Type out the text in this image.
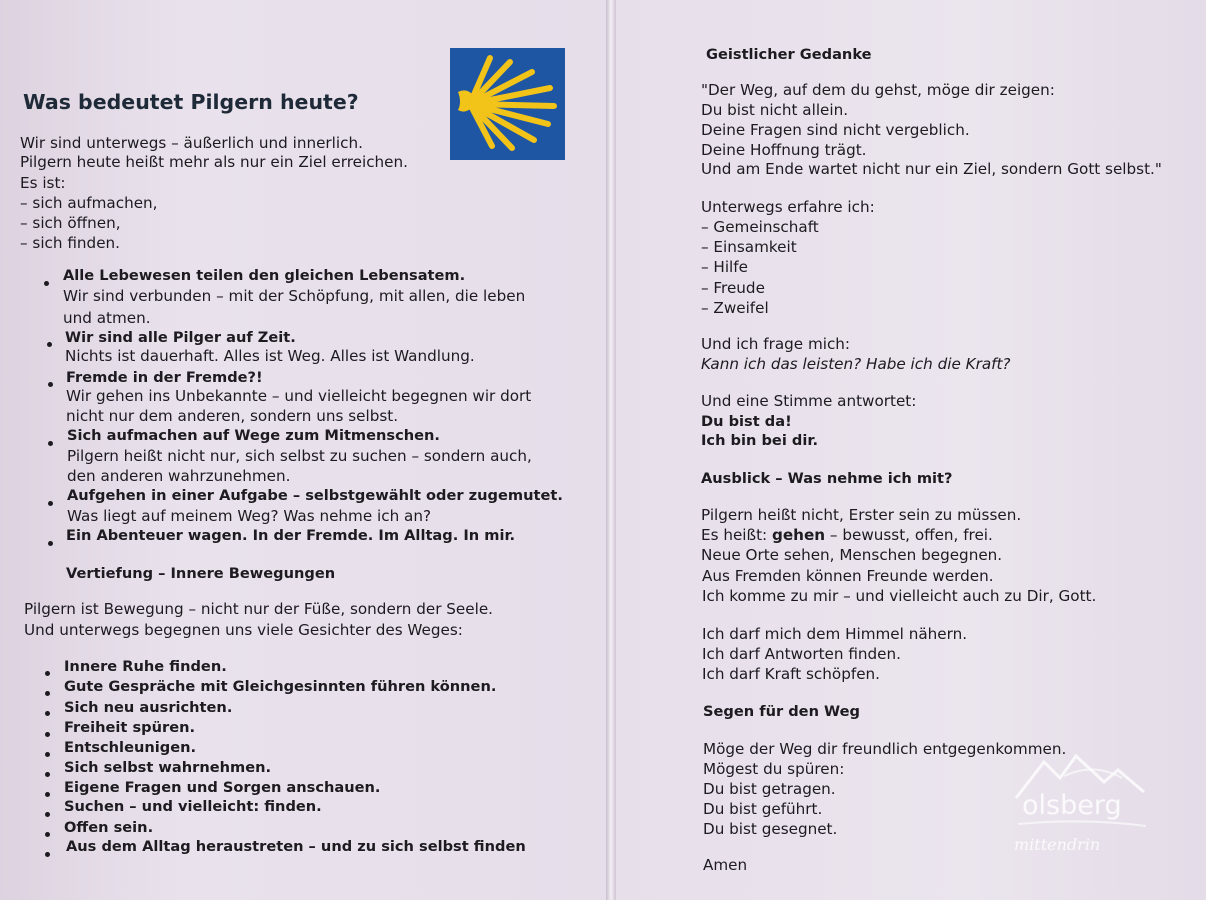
Was bedeutet Pilgern heute?
Wir sind unterwegs – äußerlich und innerlich.
Pilgern heute heißt mehr als nur ein Ziel erreichen.
Es ist:
– sich aufmachen,
– sich öffnen,
– sich finden.
Alle Lebewesen teilen den gleichen Lebensatem.
Wir sind verbunden – mit der Schöpfung, mit allen, die leben
und atmen.
Wir sind alle Pilger auf Zeit.
Nichts ist dauerhaft. Alles ist Weg. Alles ist Wandlung.
Fremde in der Fremde?!
Wir gehen ins Unbekannte – und vielleicht begegnen wir dort
nicht nur dem anderen, sondern uns selbst.
Sich aufmachen auf Wege zum Mitmenschen.
Pilgern heißt nicht nur, sich selbst zu suchen – sondern auch,
den anderen wahrzunehmen.
Aufgehen in einer Aufgabe – selbstgewählt oder zugemutet.
Was liegt auf meinem Weg? Was nehme ich an?
Ein Abenteuer wagen. In der Fremde. Im Alltag. In mir.
Vertiefung – Innere Bewegungen
Pilgern ist Bewegung – nicht nur der Füße, sondern der Seele.
Und unterwegs begegnen uns viele Gesichter des Weges:
Innere Ruhe finden.
Gute Gespräche mit Gleichgesinnten führen können.
Sich neu ausrichten.
Freiheit spüren.
Entschleunigen.
Sich selbst wahrnehmen.
Eigene Fragen und Sorgen anschauen.
Suchen – und vielleicht: finden.
Offen sein.
Aus dem Alltag heraustreten – und zu sich selbst finden
Geistlicher Gedanke
"Der Weg, auf dem du gehst, möge dir zeigen:
Du bist nicht allein.
Deine Fragen sind nicht vergeblich.
Deine Hoffnung trägt.
Und am Ende wartet nicht nur ein Ziel, sondern Gott selbst."
Unterwegs erfahre ich:
– Gemeinschaft
– Einsamkeit
– Hilfe
– Freude
– Zweifel
Und ich frage mich:
Kann ich das leisten? Habe ich die Kraft?
Und eine Stimme antwortet:
Du bist da!
Ich bin bei dir.
Ausblick – Was nehme ich mit?
Pilgern heißt nicht, Erster sein zu müssen.
Es heißt: gehen – bewusst, offen, frei.
Neue Orte sehen, Menschen begegnen.
Aus Fremden können Freunde werden.
Ich komme zu mir – und vielleicht auch zu Dir, Gott.
Ich darf mich dem Himmel nähern.
Ich darf Antworten finden.
Ich darf Kraft schöpfen.
Segen für den Weg
Möge der Weg dir freundlich entgegenkommen.
Mögest du spüren:
Du bist getragen.
Du bist geführt.
Du bist gesegnet.
Amen
olsberg
mittendrin
